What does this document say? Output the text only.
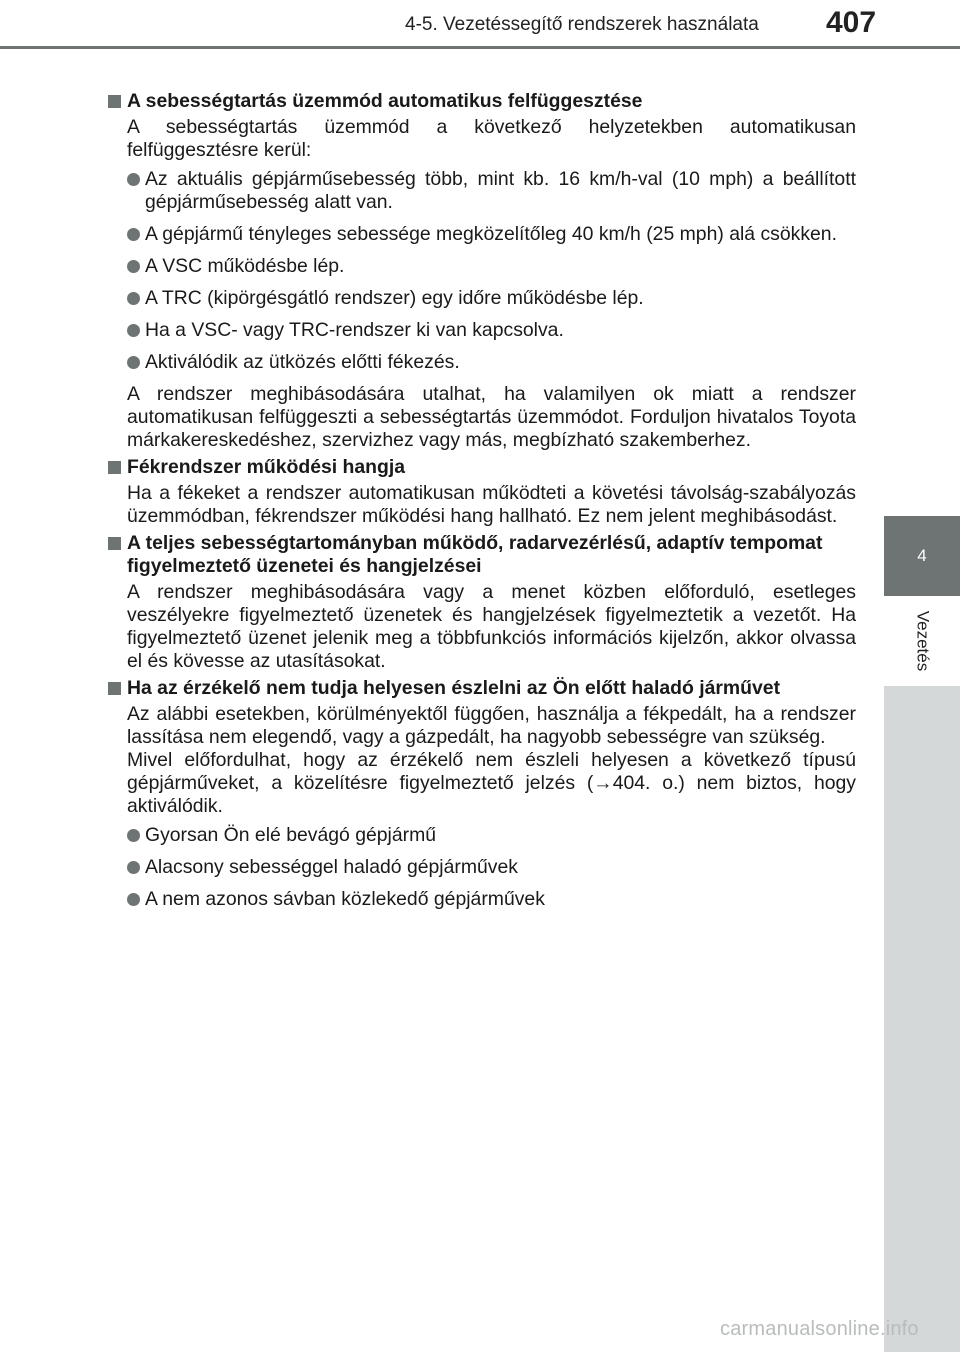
4-5. Vezetéssegítő rendszerek használata 407
4
Vezetés
A sebességtartás üzemmód automatikus felfüggesztése
A sebességtartás üzemmód a következő helyzetekben automatikusan felfüggesztésre kerül:
Az aktuális gépjárműsebesség több, mint kb. 16 km/h-val (10 mph) a beállított gépjárműsebesség alatt van.
A gépjármű tényleges sebessége megközelítőleg 40 km/h (25 mph) alá csökken.
A VSC működésbe lép.
A TRC (kipörgésgátló rendszer) egy időre működésbe lép.
Ha a VSC- vagy TRC-rendszer ki van kapcsolva.
Aktiválódik az ütközés előtti fékezés.
A rendszer meghibásodására utalhat, ha valamilyen ok miatt a rendszer automatikusan felfüggeszti a sebességtartás üzemmódot. Forduljon hivatalos Toyota márkakereskedéshez, szervizhez vagy más, megbízható szakemberhez.
Fékrendszer működési hangja
Ha a fékeket a rendszer automatikusan működteti a követési távolság-szabályozás üzemmódban, fékrendszer működési hang hallható. Ez nem jelent meghibásodást.
A teljes sebességtartományban működő, radarvezérlésű, adaptív tempomat figyelmeztető üzenetei és hangjelzései
A rendszer meghibásodására vagy a menet közben előforduló, esetleges veszélyekre figyelmeztető üzenetek és hangjelzések figyelmeztetik a vezetőt. Ha figyelmeztető üzenet jelenik meg a többfunkciós információs kijelzőn, akkor olvassa el és kövesse az utasításokat.
Ha az érzékelő nem tudja helyesen észlelni az Ön előtt haladó járművet
Az alábbi esetekben, körülményektől függően, használja a fékpedált, ha a rendszer lassítása nem elegendő, vagy a gázpedált, ha nagyobb sebességre van szükség.
Mivel előfordulhat, hogy az érzékelő nem észleli helyesen a következő típusú gépjárműveket, a közelítésre figyelmeztető jelzés (→404. o.) nem biztos, hogy aktiválódik.
Gyorsan Ön elé bevágó gépjármű
Alacsony sebességgel haladó gépjárművek
A nem azonos sávban közlekedő gépjárművek
carmanualsonline.info
